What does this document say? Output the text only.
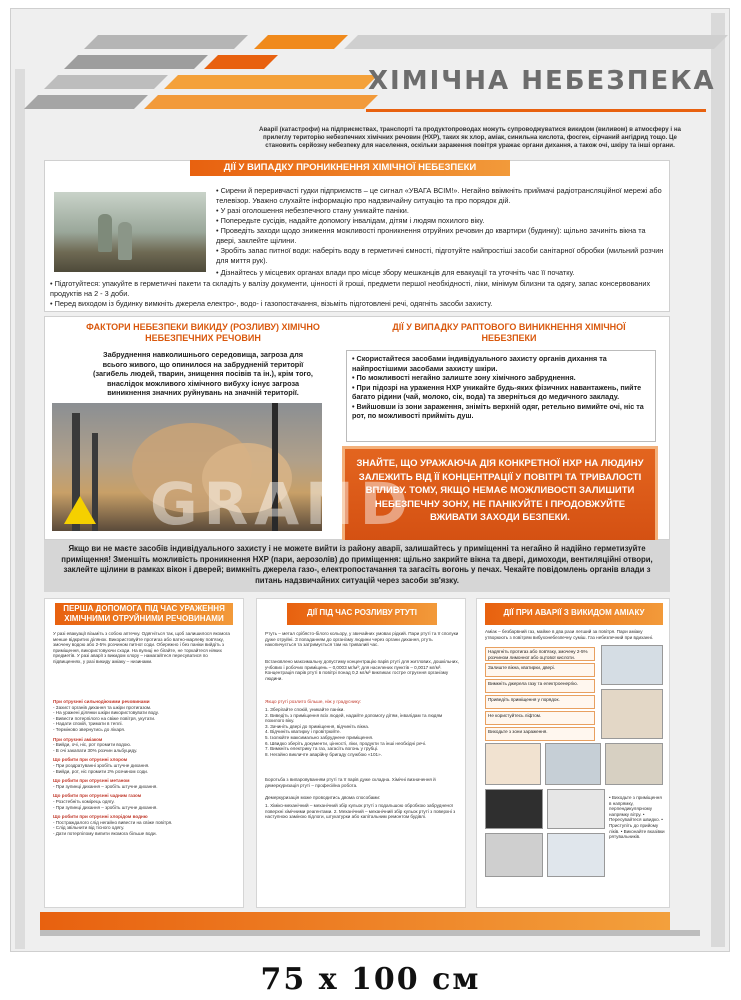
ХІМІЧНА НЕБЕЗПЕКА
Аварії (катастрофи) на підприємствах, транспорті та продуктопроводах можуть супроводжуватися викидом (виливом) в атмосферу і на прилеглу територію небезпечних хімічних речовин (НХР), таких як хлор, аміак, синильна кислота, фосген, сірчаний ангідрид тощо. Це становить серйозну небезпеку для населення, оскільки зараження повітря уражає органи дихання, а також очі, шкіру та інші органи.
ДІЇ У ВИПАДКУ ПРОНИКНЕННЯ ХІМІЧНОЇ НЕБЕЗПЕКИ
• Сирени й переривчасті гудки підприємств – це сигнал «УВАГА ВСІМ!». Негайно ввімкніть приймачі радіотрансляційної мережі або телевізор. Уважно слухайте інформацію про надзвичайну ситуацію та про порядок дій.
• У разі оголошення небезпечного стану уникайте паніки.
• Попередьте сусідів, надайте допомогу інвалідам, дітям і людям похилого віку.
• Проведіть заходи щодо зниження можливості проникнення отруйних речовин до квартири (будинку): щільно зачиніть вікна та двері, заклейте щілини.
• Зробіть запас питної води: наберіть воду в герметичні ємності, підготуйте найпростіші засоби санітарної обробки (мильний розчин для миття рук).
• Дізнайтесь у місцевих органах влади про місце збору мешканців для евакуації та уточніть час її початку.
• Підготуйтеся: упакуйте в герметичні пакети та складіть у валізу документи, цінності й гроші, предмети першої необхідності, ліки, мінімум білизни та одягу, запас консервованих продуктів на 2 - 3 доби.
• Перед виходом із будинку вимкніть джерела електро-, водо- і газопостачання, візьміть підготовлені речі, одягніть засоби захисту.
ФАКТОРИ НЕБЕЗПЕКИ ВИКИДУ (РОЗЛИВУ) ХІМІЧНО НЕБЕЗПЕЧНИХ РЕЧОВИН
Забруднення навколишнього середовища, загроза для всього живого, що опинилося на забрудненій території (загибель людей, тварин, знищення посівів та ін.), крім того, внаслідок можливого хімічного вибуху існує загроза виникнення значних руйнувань на значній території.
ДІЇ У ВИПАДКУ РАПТОВОГО ВИНИКНЕННЯ ХІМІЧНОЇ НЕБЕЗПЕКИ
• Скористайтеся засобами індивідуального захисту органів дихання та найпростішими засобами захисту шкіри.
• По можливості негайно залиште зону хімічного забруднення.
• При підозрі на ураження НХР уникайте будь-яких фізичних навантажень, пийте багато рідини (чай, молоко, сік, вода) та зверніться до медичного закладу.
• Вийшовши із зони зараження, зніміть верхній одяг, ретельно вимийте очі, ніс та рот, по можливості прийміть душ.
ЗНАЙТЕ, ЩО УРАЖАЮЧА ДІЯ КОНКРЕТНОЇ НХР НА ЛЮДИНУ ЗАЛЕЖИТЬ ВІД ЇЇ КОНЦЕНТРАЦІЇ У ПОВІТРІ ТА ТРИВАЛОСТІ ВПЛИВУ. ТОМУ, ЯКЩО НЕМАЄ МОЖЛИВОСТІ ЗАЛИШИТИ НЕБЕЗПЕЧНУ ЗОНУ, НЕ ПАНІКУЙТЕ І ПРОДОВЖУЙТЕ ВЖИВАТИ ЗАХОДИ БЕЗПЕКИ.
Якщо ви не маєте засобів індивідуального захисту і не можете вийти із району аварії, залишайтесь у приміщенні та негайно й надійно герметизуйте приміщення! Зменшіть можливість проникнення НХР (пари, аерозолів) до приміщення: щільно закрийте вікна та двері, димоходи, вентиляційні отвори, заклейте щілини в рамках вікон і дверей; вимкніть джерела газо-, електропостачання та загасіть вогонь у печах. Чекайте повідомлень органів влади з питань надзвичайних ситуацій через засоби зв'язку.
GRAND
ПЕРША ДОПОМОГА ПІД ЧАС УРАЖЕННЯ ХІМІЧНИМИ ОТРУЙНИМИ РЕЧОВИНАМИ
У разі евакуації візьміть з собою аптечку. Одягніться так, щоб залишилося якомога менше відкритих ділянок. Використовуйте протигаз або ватно-марлеву пов'язку, змочену водою або 2-5% розчином питної соди. Обережно і без паніки вийдіть з приміщення, використовуючи сходи. На вулиці не бігайте, не торкайтеся ніяких предметів. У разі аварії з викидом хлору – намагайтеся пересуватися по підвищеннях, у разі викиду аміаку – низинами.
При отруєнні сильнодіючими речовинами
- Захист органів дихання та шкіри протигазом.
- На уражені ділянки шкіри використовувати воду.
- Вивести потерпілого на свіже повітря, укутати.
- Надати спокій, тримати в теплі.
- Терміново звернутись до лікаря.
При отруєнні аміаком
- Вийди, очі, ніс, рот промити водою.
- В очі закапати 30% розчин альбуциду.
Що робити при отруєнні хлором
- При роздратуванні зробіть штучне дихання.
- Вийди, рот, ніс промити 2% розчином соди.
Що робити при отруєнні метаном
- При зупинці дихання – зробіть штучне дихання.
Що робити при отруєнні чадним газом
- Розстебніть комірець одягу.
- При зупинці дихання – зробіть штучне дихання.
Що робити при отруєнні хлорідом водню
- Постраждалого слід негайно вивести на свіже повітря.
- Слід звільнити від тісного одягу.
- Дати потерпілому випити якомога більше води.
ДІЇ ПІД ЧАС РОЗЛИВУ РТУТІ
Ртуть – метал срібясто-білого кольору, у звичайних умовах рідкий. Пари ртуті та її сполуки дуже отруйні. З попаданням до організму людини через органи дихання, ртуть накопичується та затримується там на тривалий час.
Встановлено максимальну допустиму концентрацію парів ртуті для житлових, дошкільних, учбових і робочих приміщень – 0,0003 мг/м³; для населених пунктів – 0,0017 мг/м³. Концентрація парів ртуті в повітрі понад 0,2 мг/м³ викликає гостре отруєння організму людини.
Якщо ртуті розлито більше, ніж у градуснику:
1. Зберігайте спокій, уникайте паніки.
2. Виведіть з приміщення всіх людей, надайте допомогу дітям, інвалідам та людям похилого віку.
3. Зачиніть двері до приміщення, відчиніть вікна.
4. Відчиніть кватирку і провітрюйте.
5. Ізолюйте максимально забруднене приміщення.
6. Швидко зберіть документи, цінності, ліки, продукти та інші необхідні речі.
7. Вимкніть електрику та газ, загасіть вогонь у грубці.
8. Негайно викличте аварійну бригаду службою «101».
Боротьба з випаровуванням ртуті та її парів дуже складна. Хімічні визначення й демеркуризація ртуті – професійна робота.
Демеркуризація може проводитись двома способами:
1. Хіміко-механічний – механічний збір кульок ртуті з подальшою обробкою забрудненої поверхні хімічними реагентами. 2. Механічний – механічний збір кульок ртуті з поверхні з наступною заміною підлоги, штукатурки або капітальним ремонтом будівлі.
ДІЇ ПРИ АВАРІЇ З ВИКИДОМ АМІАКУ
Аміак – безбарвний газ, майже в два рази легший за повітря. Пари аміаку утворюють з повітрям вибухонебезпечну суміш. Газ небезпечний при вдиханні.
Надягніть протигаз або пов'язку, змочену 2-5% розчином лимонної або оцтової кислоти.
Залиште вікна, кватирки, двері.
Вимкніть джерела газу та електроенергію.
Приведіть приміщення у порядок.
Не користуйтесь ліфтом.
Виходьте з зони зараження.
• Виходьте з приміщення в напрямку, перпендикулярному напрямку вітру. • Пересувайтеся швидко. • Приступіть до прийому ліків. • Виконайте вказівки рятувальників.
75 х 100 см
